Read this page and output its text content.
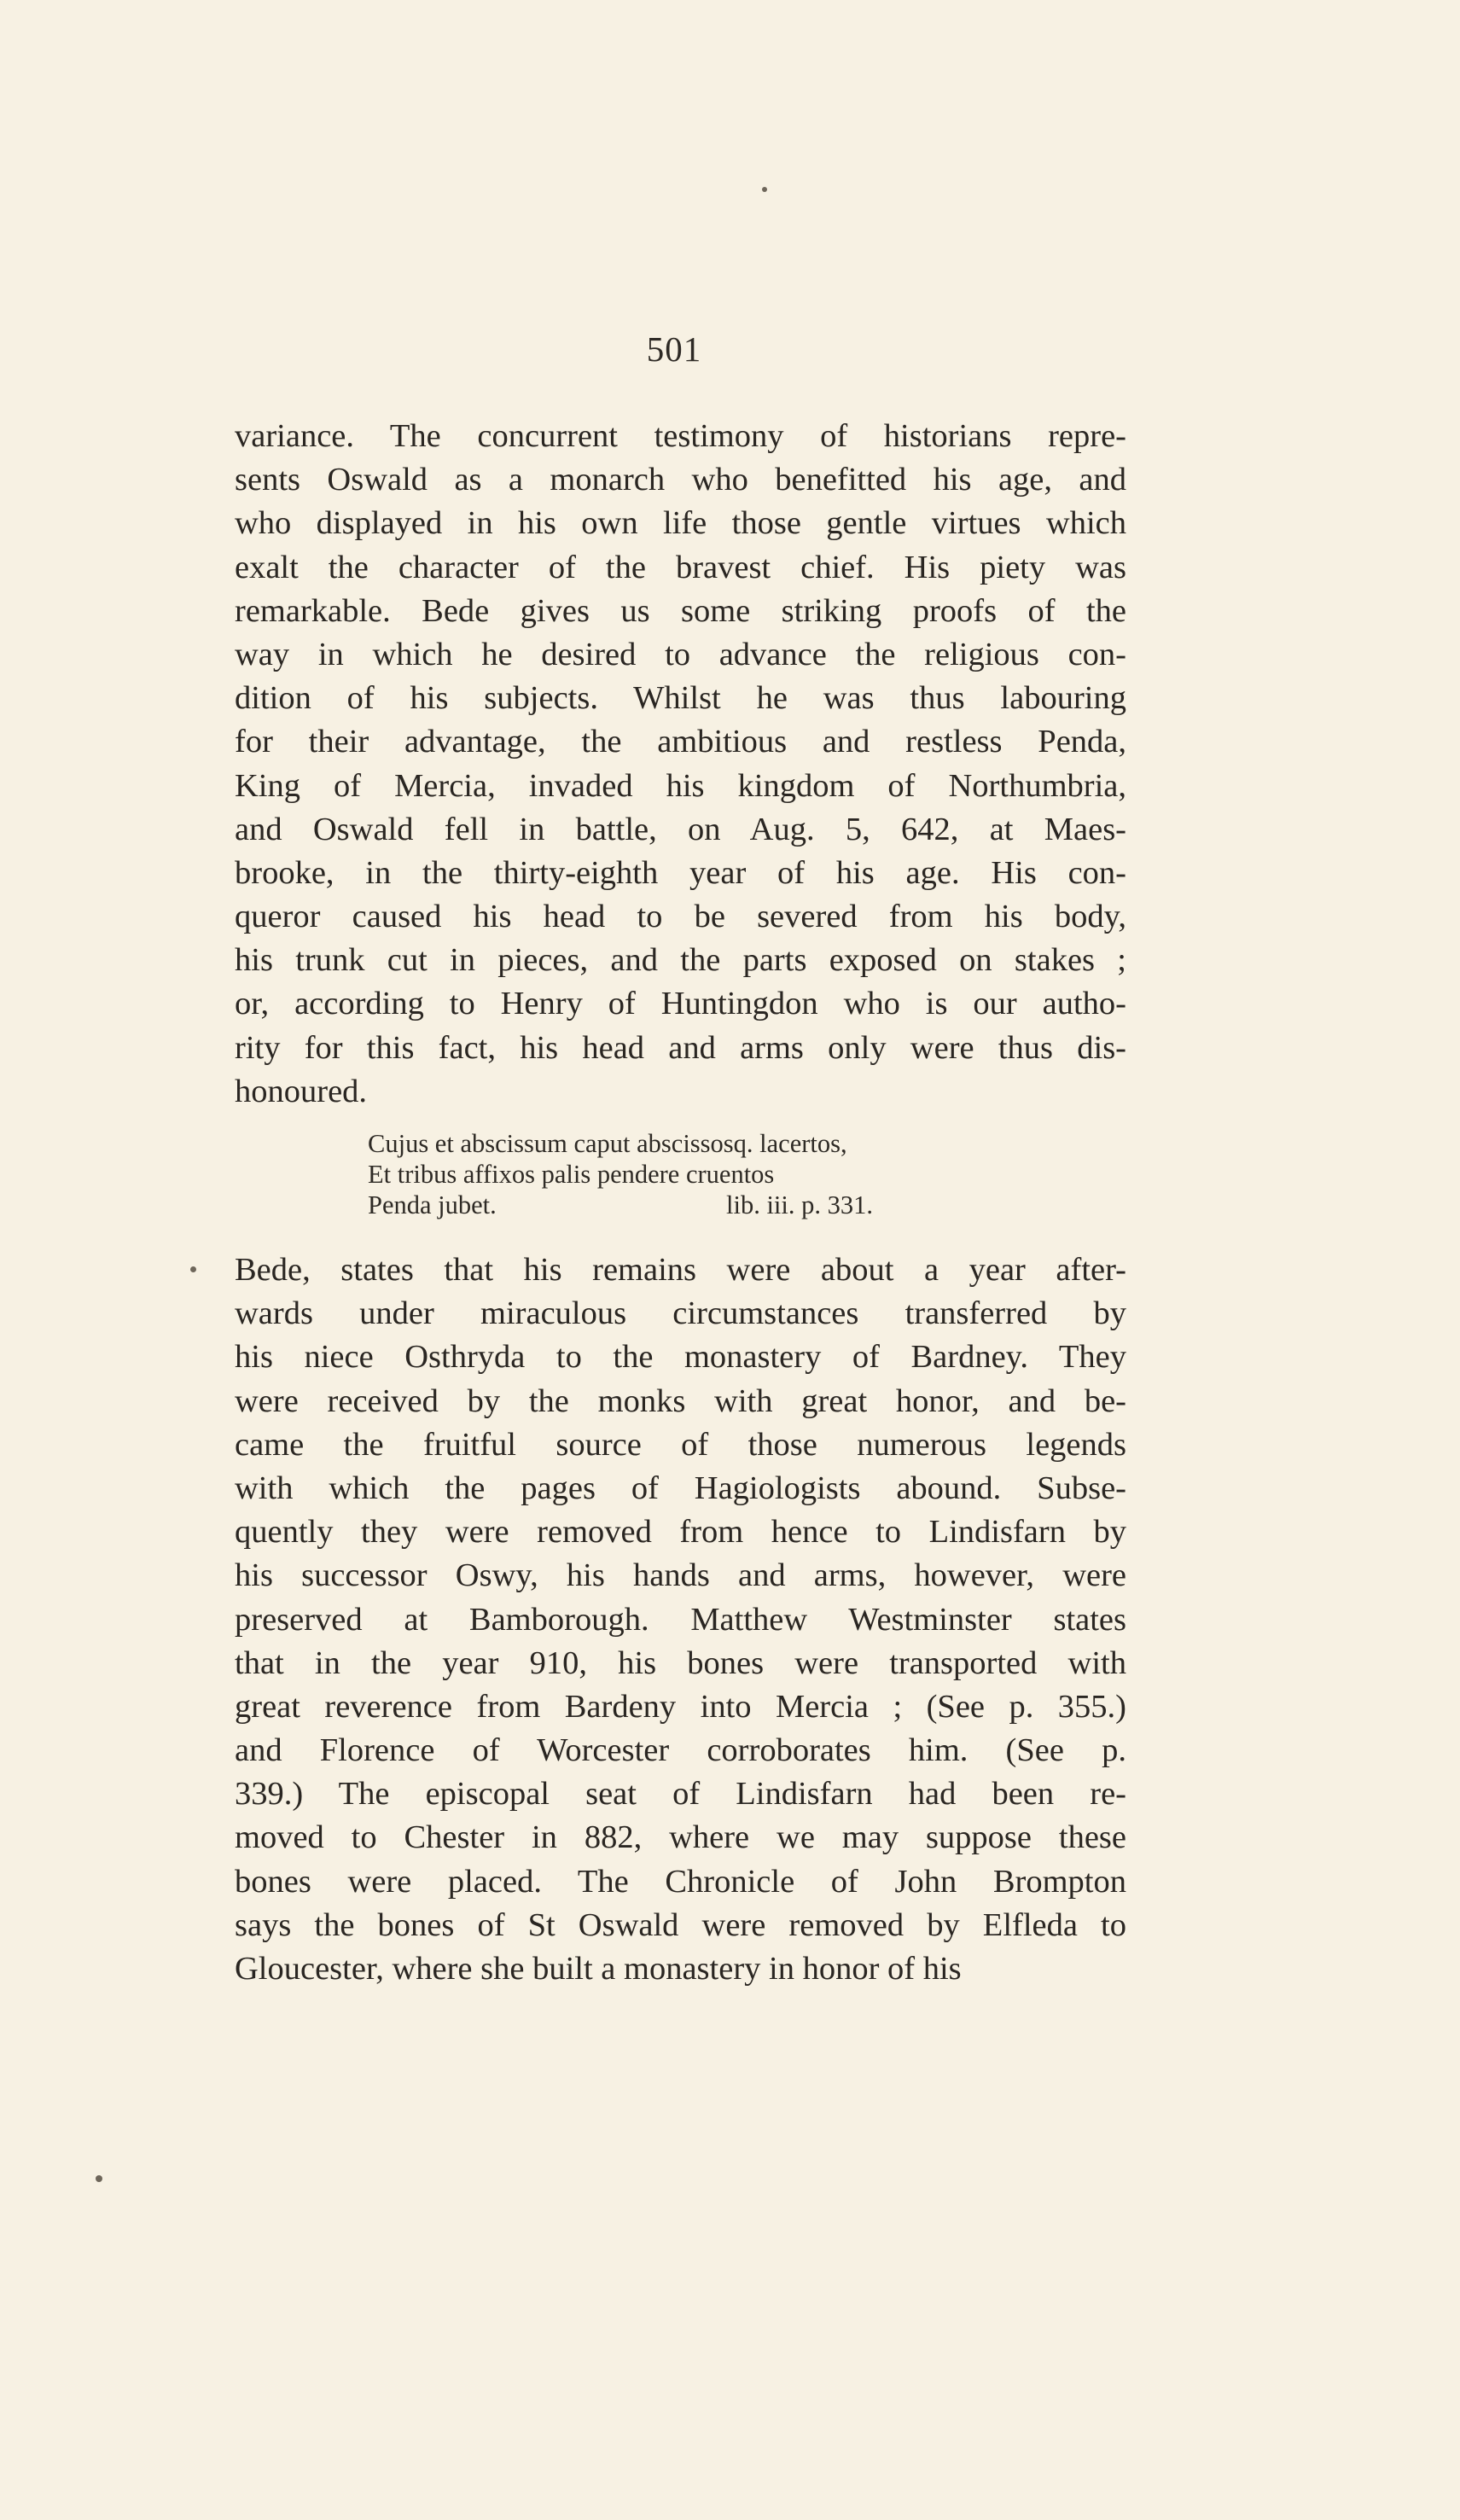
501
variance. The concurrent testimony of historians repre-
sents Oswald as a monarch who benefitted his age, and
who displayed in his own life those gentle virtues which
exalt the character of the bravest chief. His piety was
remarkable. Bede gives us some striking proofs of the
way in which he desired to advance the religious con-
dition of his subjects. Whilst he was thus labouring
for their advantage, the ambitious and restless Penda,
King of Mercia, invaded his kingdom of Northumbria,
and Oswald fell in battle, on Aug. 5, 642, at Maes-
brooke, in the thirty-eighth year of his age. His con-
queror caused his head to be severed from his body,
his trunk cut in pieces, and the parts exposed on stakes ;
or, according to Henry of Huntingdon who is our autho-
rity for this fact, his head and arms only were thus dis-
honoured.
Cujus et abscissum caput abscissosq. lacertos,
Et tribus affixos palis pendere cruentos
Penda jubet.	lib. iii. p. 331.
Bede, states that his remains were about a year after-
wards under miraculous circumstances transferred by
his niece Osthryda to the monastery of Bardney. They
were received by the monks with great honor, and be-
came the fruitful source of those numerous legends
with which the pages of Hagiologists abound. Subse-
quently they were removed from hence to Lindisfarn by
his successor Oswy, his hands and arms, however, were
preserved at Bamborough. Matthew Westminster states
that in the year 910, his bones were transported with
great reverence from Bardeny into Mercia ; (See p. 355.)
and Florence of Worcester corroborates him. (See p.
339.) The episcopal seat of Lindisfarn had been re-
moved to Chester in 882, where we may suppose these
bones were placed. The Chronicle of John Brompton
says the bones of St Oswald were removed by Elfleda to
Gloucester, where she built a monastery in honor of his
